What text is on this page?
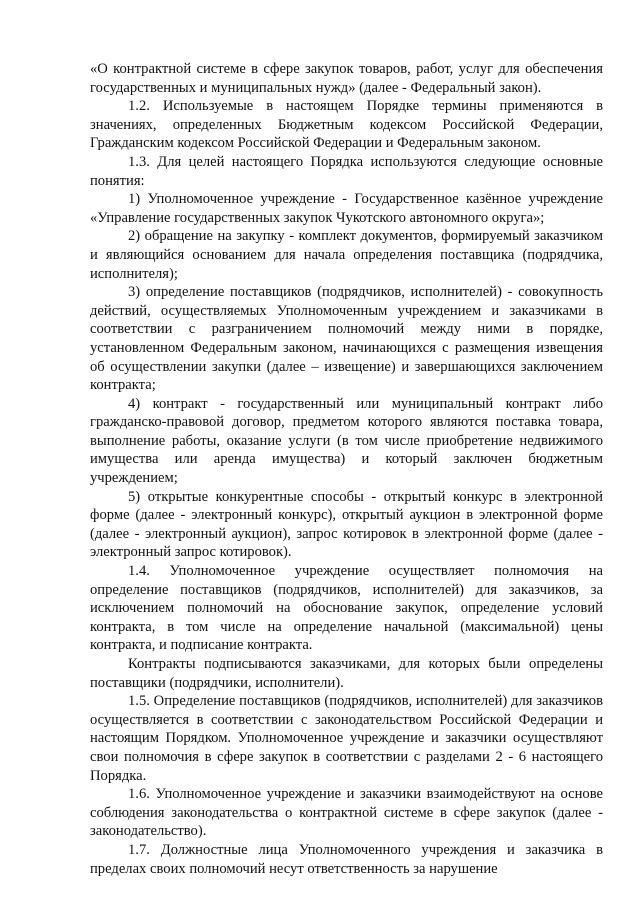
«О контрактной системе в сфере закупок товаров, работ, услуг для обеспечения государственных и муниципальных нужд» (далее - Федеральный закон).

1.2. Используемые в настоящем Порядке термины применяются в значениях, определенных Бюджетным кодексом Российской Федерации, Гражданским кодексом Российской Федерации и Федеральным законом.

1.3. Для целей настоящего Порядка используются следующие основные понятия:

1) Уполномоченное учреждение - Государственное казённое учреждение «Управление государственных закупок Чукотского автономного округа»;

2) обращение на закупку - комплект документов, формируемый заказчиком и являющийся основанием для начала определения поставщика (подрядчика, исполнителя);

3) определение поставщиков (подрядчиков, исполнителей) - совокупность действий, осуществляемых Уполномоченным учреждением и заказчиками в соответствии с разграничением полномочий между ними в порядке, установленном Федеральным законом, начинающихся с размещения извещения об осуществлении закупки (далее – извещение) и завершающихся заключением контракта;

4) контракт - государственный или муниципальный контракт либо гражданско-правовой договор, предметом которого являются поставка товара, выполнение работы, оказание услуги (в том числе приобретение недвижимого имущества или аренда имущества) и который заключен бюджетным учреждением;

5) открытые конкурентные способы - открытый конкурс в электронной форме (далее - электронный конкурс), открытый аукцион в электронной форме (далее - электронный аукцион), запрос котировок в электронной форме (далее - электронный запрос котировок).

1.4. Уполномоченное учреждение осуществляет полномочия на определение поставщиков (подрядчиков, исполнителей) для заказчиков, за исключением полномочий на обоснование закупок, определение условий контракта, в том числе на определение начальной (максимальной) цены контракта, и подписание контракта.

Контракты подписываются заказчиками, для которых были определены поставщики (подрядчики, исполнители).

1.5. Определение поставщиков (подрядчиков, исполнителей) для заказчиков осуществляется в соответствии с законодательством Российской Федерации и настоящим Порядком. Уполномоченное учреждение и заказчики осуществляют свои полномочия в сфере закупок в соответствии с разделами 2 - 6 настоящего Порядка.

1.6. Уполномоченное учреждение и заказчики взаимодействуют на основе соблюдения законодательства о контрактной системе в сфере закупок (далее - законодательство).

1.7. Должностные лица Уполномоченного учреждения и заказчика в пределах своих полномочий несут ответственность за нарушение
